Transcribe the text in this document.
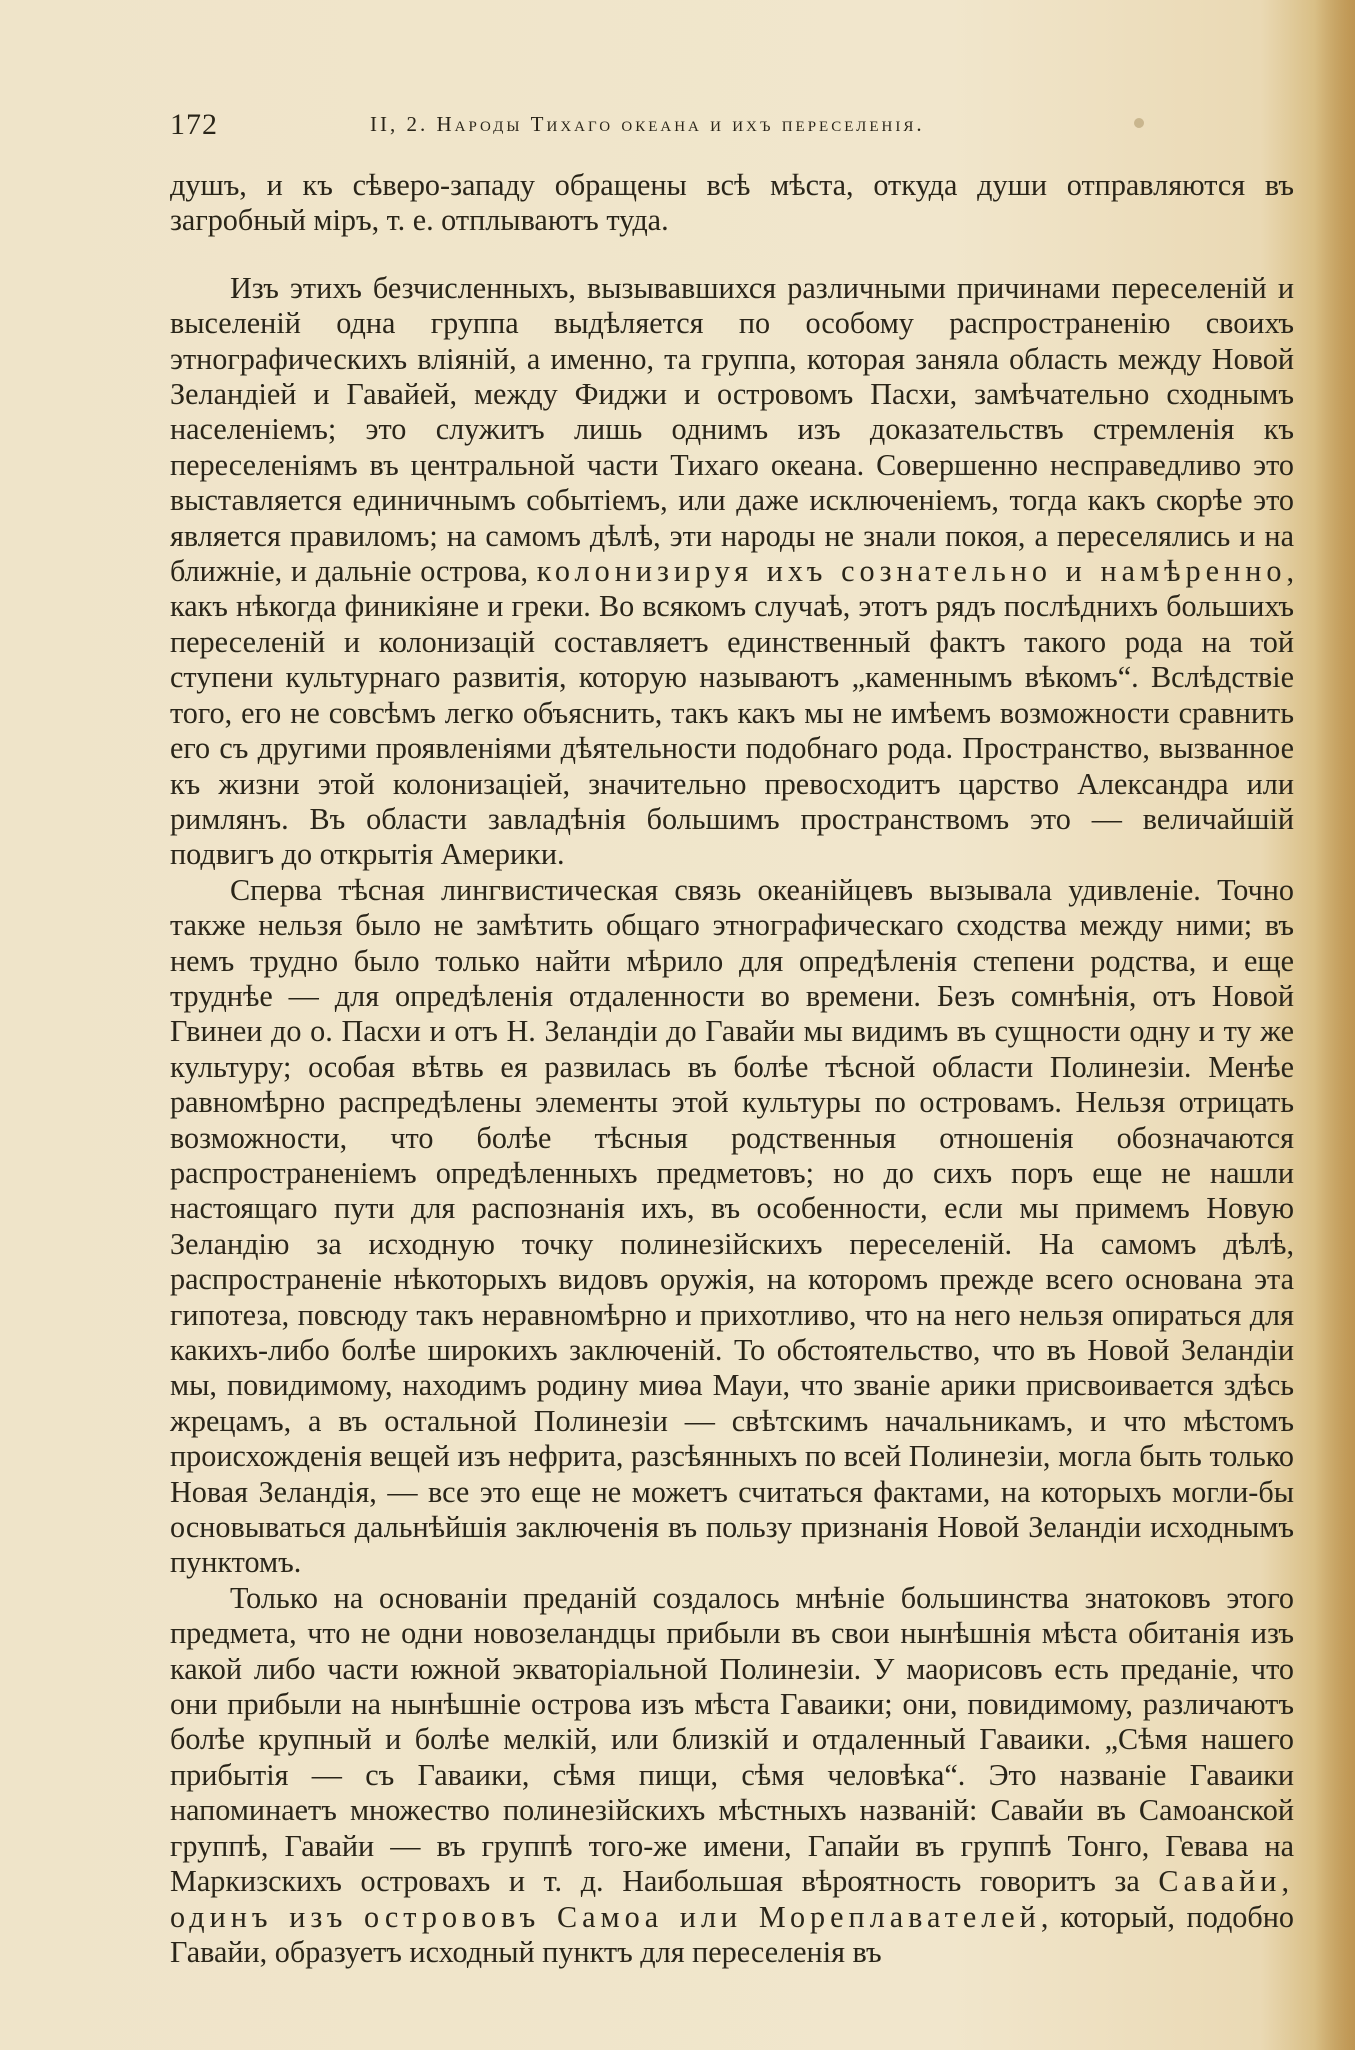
172	II, 2. Народы Тихаго океана и ихъ переселенія.

душъ, и къ сѣверо-западу обращены всѣ мѣста, откуда души отправляются въ загробный міръ, т. е. отплываютъ туда.

Изъ этихъ безчисленныхъ, вызывавшихся различными причинами переселеній и выселеній одна группа выдѣляется по особому распространенію своихъ этнографическихъ вліяній, а именно, та группа, которая заняла область между Новой Зеландіей и Гавайей, между Фиджи и островомъ Пасхи, замѣчательно сходнымъ населеніемъ; это служитъ лишь однимъ изъ доказательствъ стремленія къ переселеніямъ въ центральной части Тихаго океана. Совершенно несправедливо это выставляется единичнымъ событіемъ, или даже исключеніемъ, тогда какъ скорѣе это является правиломъ; на самомъ дѣлѣ, эти народы не знали покоя, а переселялись и на ближніе, и дальніе острова, колонизируя ихъ сознательно и намѣренно, какъ нѣкогда финикіяне и греки. Во всякомъ случаѣ, этотъ рядъ послѣднихъ большихъ переселеній и колонизацій составляетъ единственный фактъ такого рода на той ступени культурнаго развитія, которую называютъ „каменнымъ вѣкомъ“. Вслѣдствіе того, его не совсѣмъ легко объяснить, такъ какъ мы не имѣемъ возможности сравнить его съ другими проявленіями дѣятельности подобнаго рода. Пространство, вызванное къ жизни этой колонизаціей, значительно превосходитъ царство Александра или римлянъ. Въ области завладѣнія большимъ пространствомъ это — величайшій подвигъ до открытія Америки.

Сперва тѣсная лингвистическая связь океанійцевъ вызывала удивленіе. Точно также нельзя было не замѣтить общаго этнографическаго сходства между ними; въ немъ трудно было только найти мѣрило для опредѣленія степени родства, и еще труднѣе — для опредѣленія отдаленности во времени. Безъ сомнѣнія, отъ Новой Гвинеи до о. Пасхи и отъ Н. Зеландіи до Гавайи мы видимъ въ сущности одну и ту же культуру; особая вѣтвь ея развилась въ болѣе тѣсной области Полинезіи. Менѣе равномѣрно распредѣлены элементы этой культуры по островамъ. Нельзя отрицать возможности, что болѣе тѣсныя родственныя отношенія обозначаются распространеніемъ опредѣленныхъ предметовъ; но до сихъ поръ еще не нашли настоящаго пути для распознанія ихъ, въ особенности, если мы примемъ Новую Зеландію за исходную точку полинезійскихъ переселеній. На самомъ дѣлѣ, распространеніе нѣкоторыхъ видовъ оружія, на которомъ прежде всего основана эта гипотеза, повсюду такъ неравномѣрно и прихотливо, что на него нельзя опираться для какихъ-либо болѣе широкихъ заключеній. То обстоятельство, что въ Новой Зеландіи мы, повидимому, находимъ родину миѳа Мауи, что званіе арики присвоивается здѣсь жрецамъ, а въ остальной Полинезіи — свѣтскимъ начальникамъ, и что мѣстомъ происхожденія вещей изъ нефрита, разсѣянныхъ по всей Полинезіи, могла быть только Новая Зеландія, — все это еще не можетъ считаться фактами, на которыхъ могли-бы основываться дальнѣйшія заключенія въ пользу признанія Новой Зеландіи исходнымъ пунктомъ.

Только на основаніи преданій создалось мнѣніе большинства знатоковъ этого предмета, что не одни новозеландцы прибыли въ свои нынѣшнія мѣста обитанія изъ какой либо части южной экваторіальной Полинезіи. У маорисовъ есть преданіе, что они прибыли на нынѣшніе острова изъ мѣста Гаваики; они, повидимому, различаютъ болѣе крупный и болѣе мелкій, или близкій и отдаленный Гаваики. „Сѣмя нашего прибытія — съ Гаваики, сѣмя пищи, сѣмя человѣка“. Это названіе Гаваики напоминаетъ множество полинезійскихъ мѣстныхъ названій: Савайи въ Самоанской группѣ, Гавайи — въ группѣ того-же имени, Гапайи въ группѣ Тонго, Гевава на Маркизскихъ островахъ и т. д. Наибольшая вѣроятность говоритъ за Савайи, одинъ изъ острововъ Самоа или Мореплавателей, который, подобно Гавайи, образуетъ исходный пунктъ для переселенія въ
